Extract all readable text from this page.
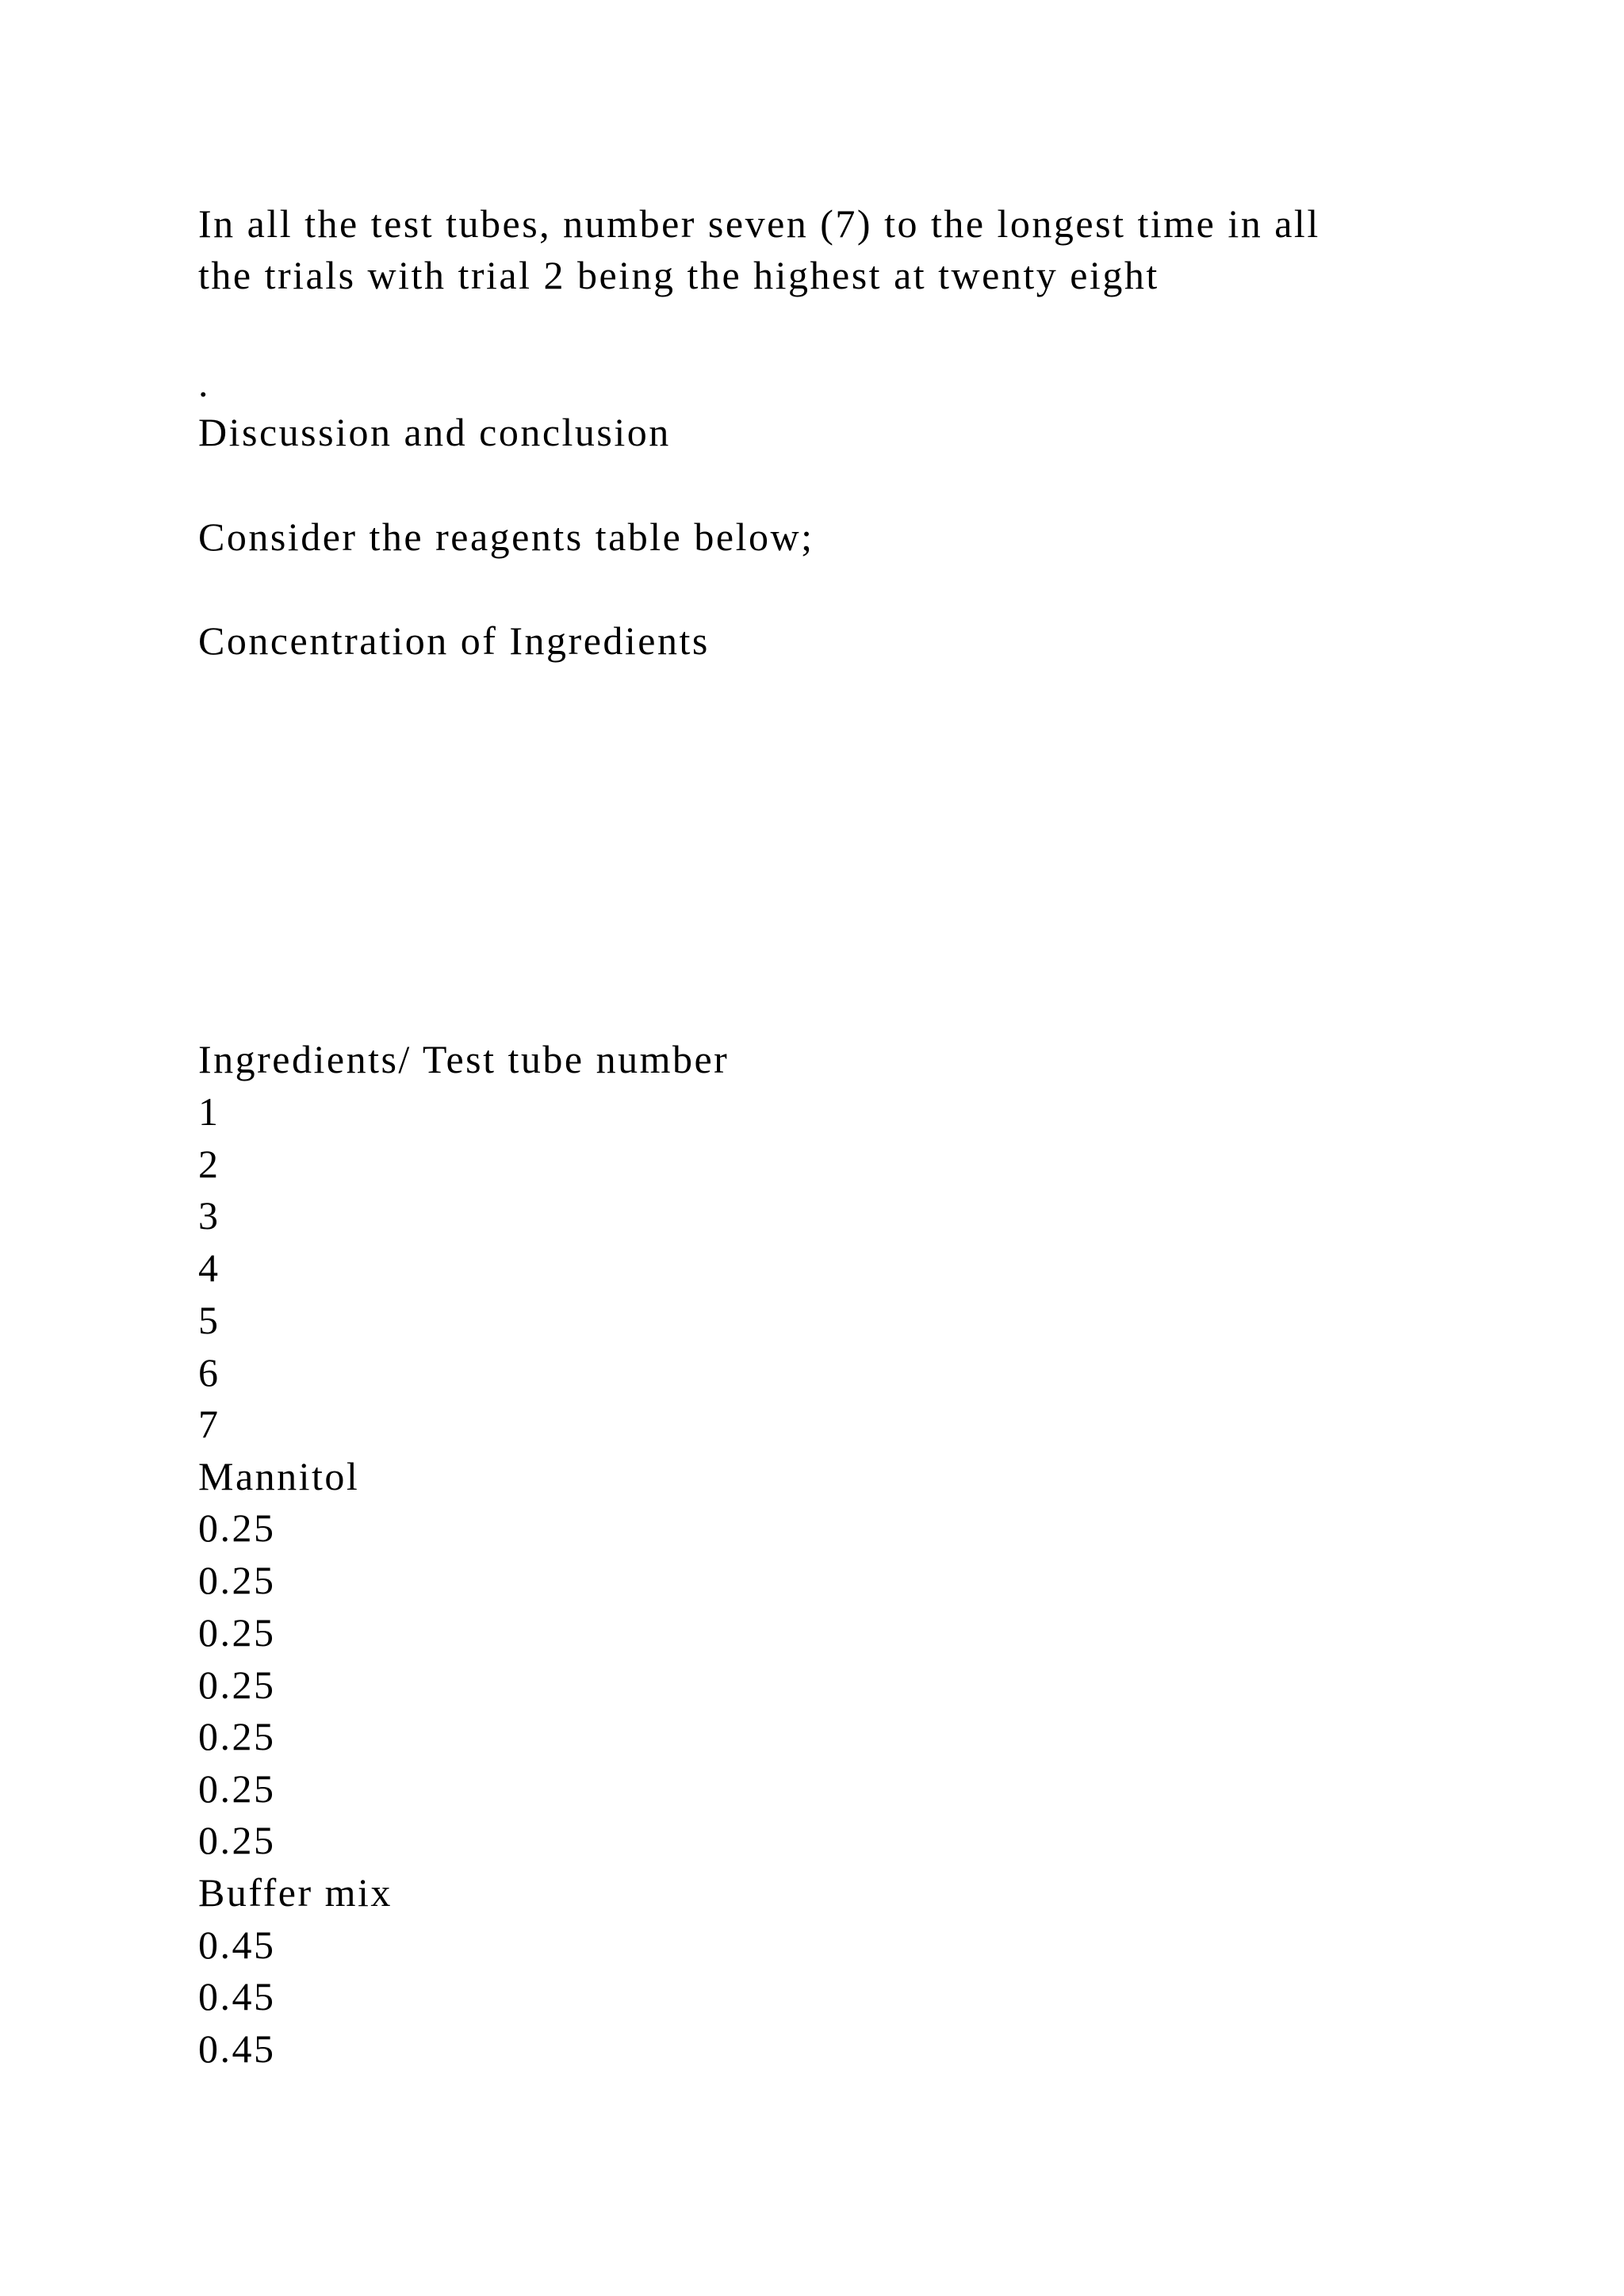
In all the test tubes, number seven (7) to the longest time in all
the trials with trial 2 being the highest at twenty eight
.
Discussion and conclusion
Consider the reagents table below;
Concentration of Ingredients
Ingredients/ Test tube number
1
2
3
4
5
6
7
Mannitol
0.25
0.25
0.25
0.25
0.25
0.25
0.25
Buffer mix
0.45
0.45
0.45
